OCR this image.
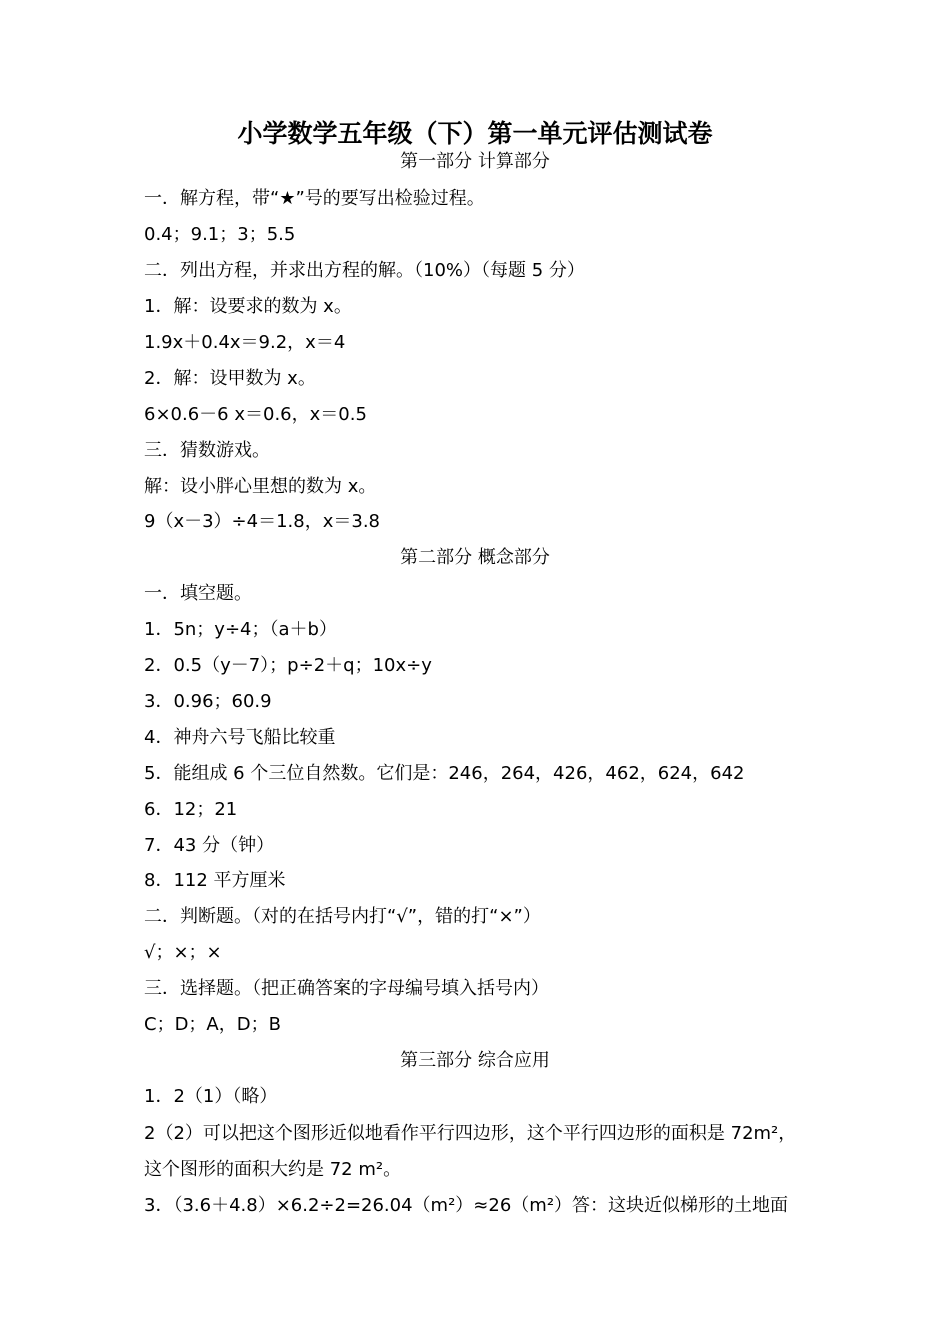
小学数学五年级（下）第一单元评估测试卷
第一部分 计算部分
一．解方程，带“★”号的要写出检验过程。
0.4；9.1；3；5.5
二．列出方程，并求出方程的解。（10%）（每题 5 分）
1．解：设要求的数为 x。
1.9x＋0.4x＝9.2，x＝4
2．解：设甲数为 x。
6×0.6－6 x＝0.6，x＝0.5
三．猜数游戏。
解：设小胖心里想的数为 x。
9（x－3）÷4＝1.8，x＝3.8
第二部分 概念部分
一．填空题。
1．5n；y÷4；（a＋b）
2．0.5（y－7）；p÷2＋q；10x÷y
3．0.96；60.9
4．神舟六号飞船比较重
5．能组成 6 个三位自然数。它们是：246，264，426，462，624，642
6．12；21
7．43 分（钟）
8．112 平方厘米
二．判断题。（对的在括号内打“√”，错的打“×”）
√；×；×
三．选择题。（把正确答案的字母编号填入括号内）
C；D；A，D；B
第三部分 综合应用
1．2（1）（略）
2（2）可以把这个图形近似地看作平行四边形，这个平行四边形的面积是 72m²，
这个图形的面积大约是 72 m²。
3．（3.6＋4.8）×6.2÷2=26.04（m²）≈26（m²）答：这块近似梯形的土地面
